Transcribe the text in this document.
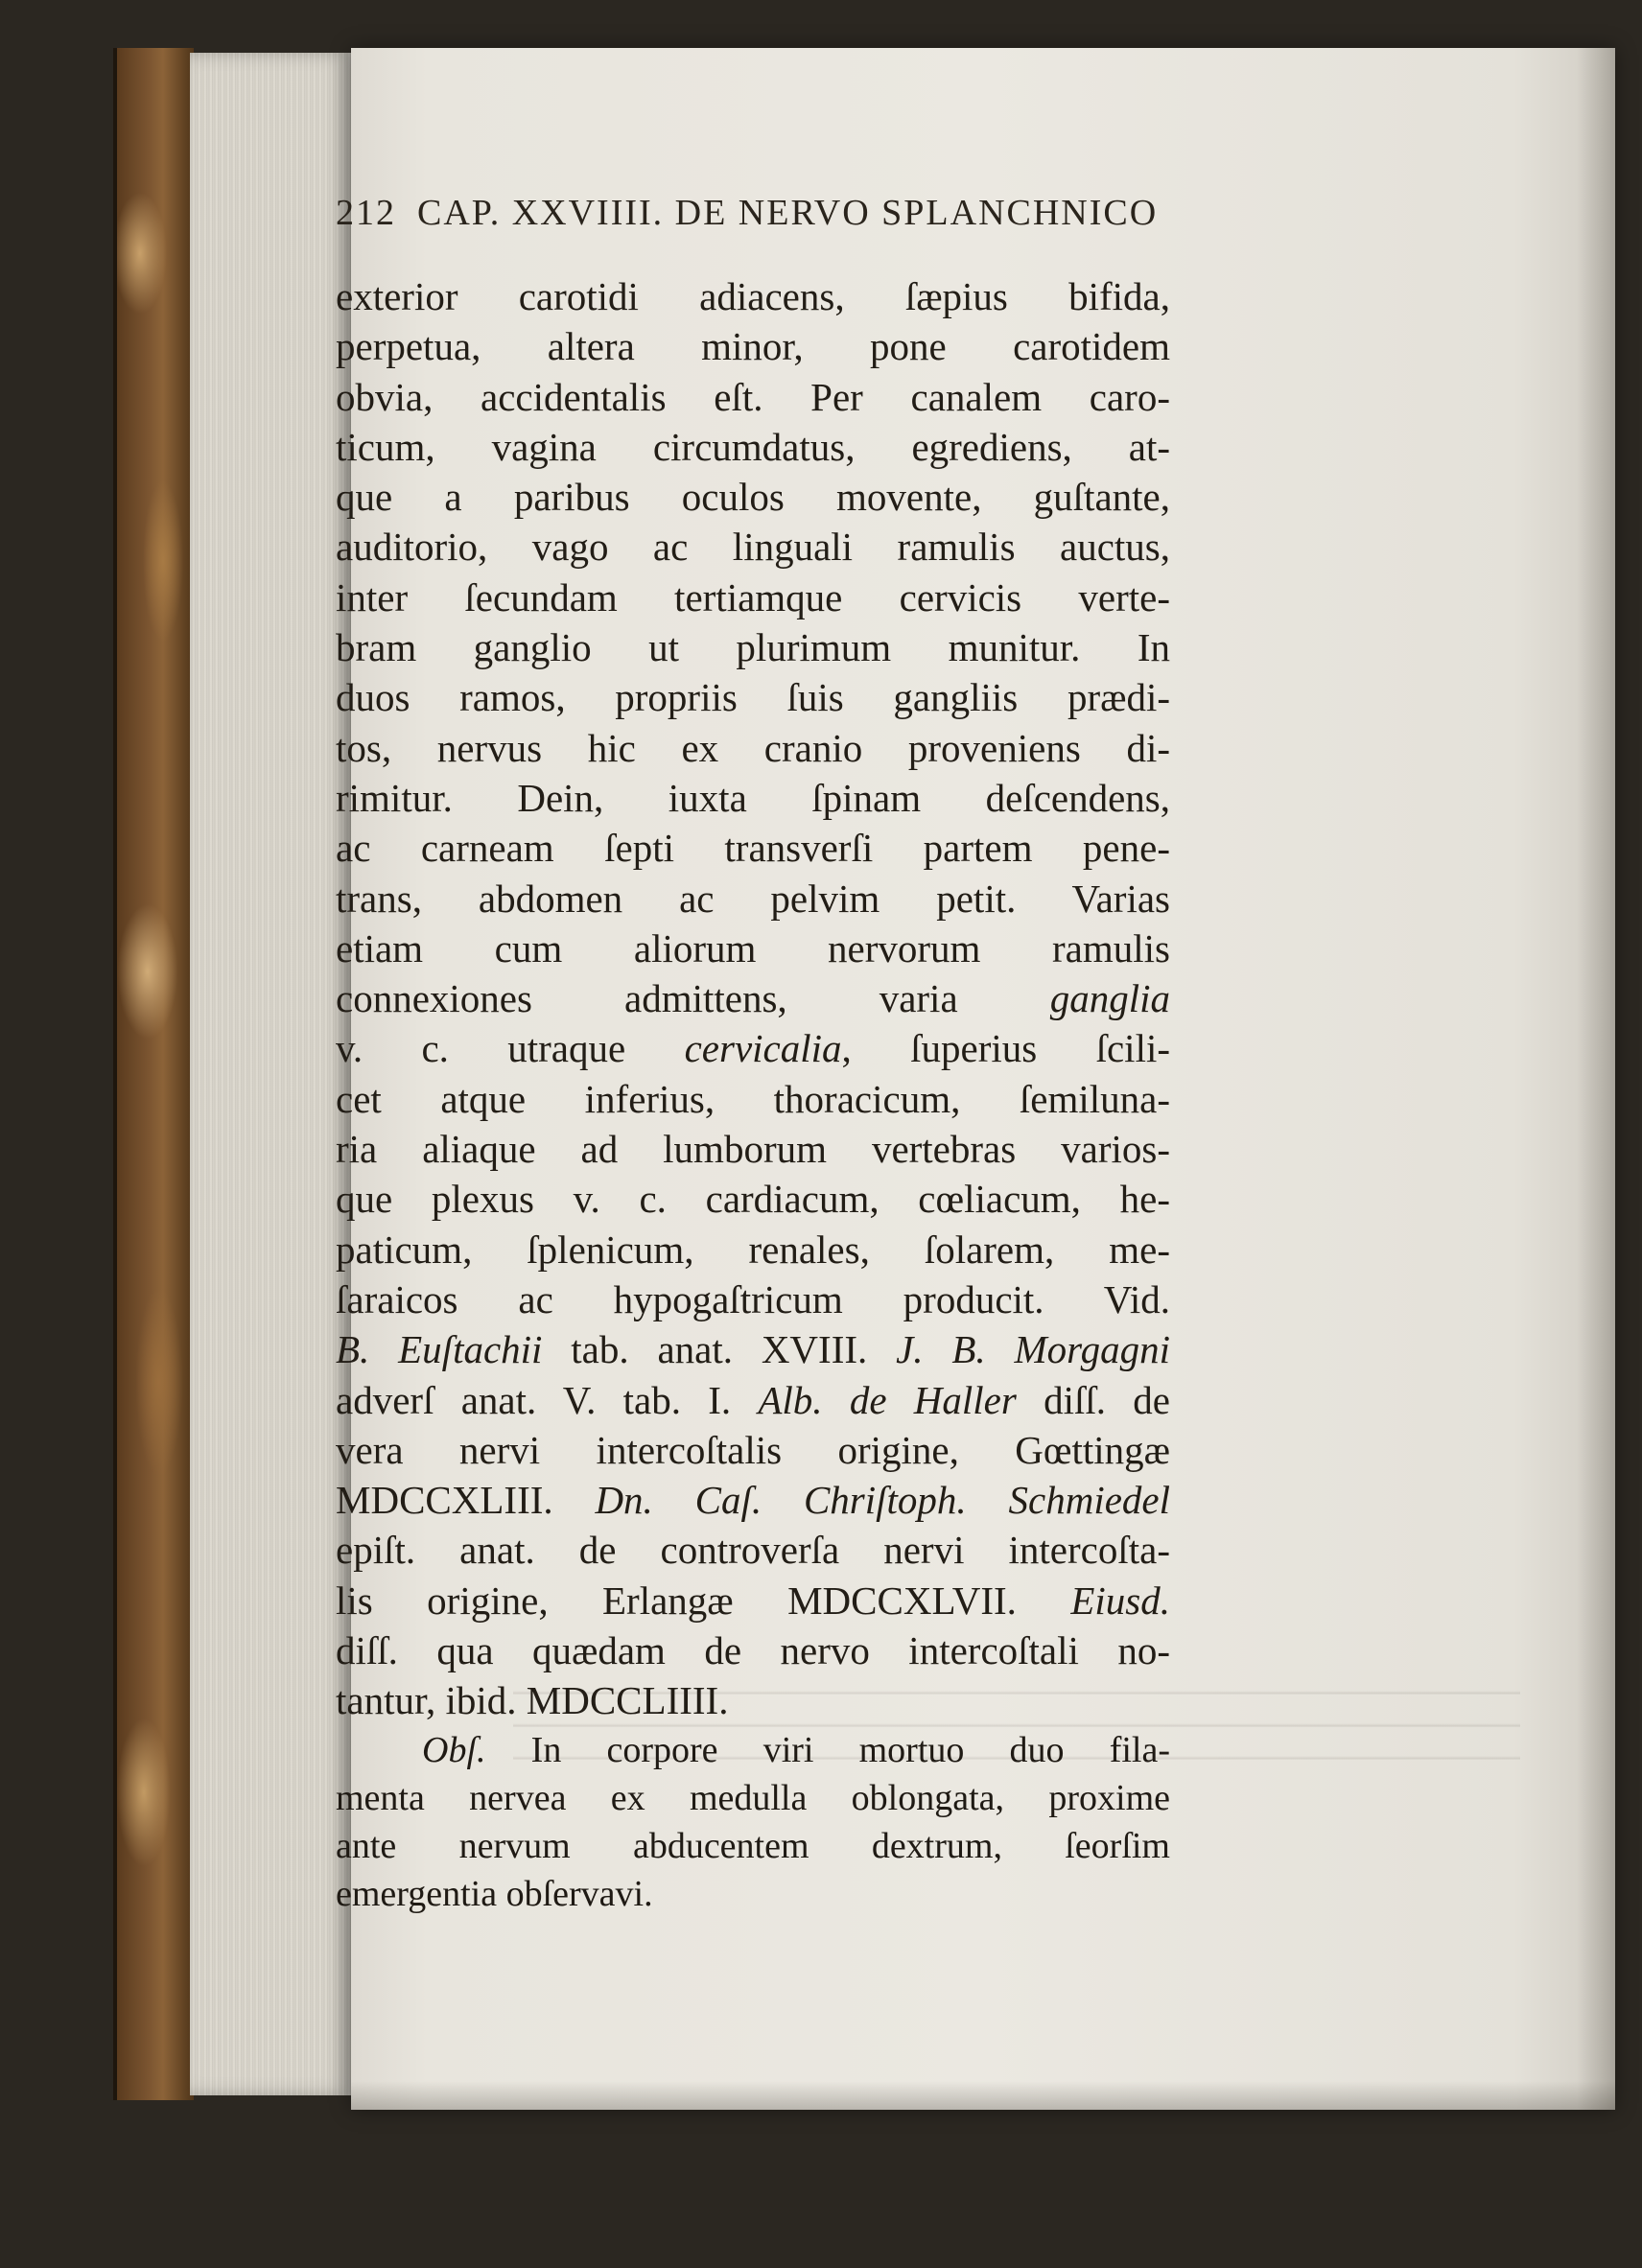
212 CAP. XXVIIII. DE NERVO SPLANCHNICO
exterior carotidi adiacens, ſæpius bifida,
perpetua, altera minor, pone carotidem
obvia, accidentalis eſt. Per canalem caro-
ticum, vagina circumdatus, egrediens, at-
que a paribus oculos movente, guſtante,
auditorio, vago ac linguali ramulis auctus,
inter ſecundam tertiamque cervicis verte-
bram ganglio ut plurimum munitur. In
duos ramos, propriis ſuis gangliis prædi-
tos, nervus hic ex cranio proveniens di-
rimitur. Dein, iuxta ſpinam deſcendens,
ac carneam ſepti transverſi partem pene-
trans, abdomen ac pelvim petit. Varias
etiam cum aliorum nervorum ramulis
connexiones admittens, varia ganglia
v. c. utraque cervicalia, ſuperius ſcili-
cet atque inferius, thoracicum, ſemiluna-
ria aliaque ad lumborum vertebras varios-
que plexus v. c. cardiacum, cœliacum, he-
paticum, ſplenicum, renales, ſolarem, me-
ſaraicos ac hypogaſtricum producit. Vid.
B. Euſtachii tab. anat. XVIII. J. B. Morgagni
adverſ anat. V. tab. I. Alb. de Haller diſſ. de
vera nervi intercoſtalis origine, Gœttingæ
MDCCXLIII. Dn. Caſ. Chriſtoph. Schmiedel
epiſt. anat. de controverſa nervi intercoſta-
lis origine, Erlangæ MDCCXLVII. Eiusd.
diſſ. qua quædam de nervo intercoſtali no-
tantur, ibid. MDCCLIIII.
Obſ. In corpore viri mortuo duo fila-
menta nervea ex medulla oblongata, proxime
ante nervum abducentem dextrum, ſeorſim
emergentia obſervavi.
